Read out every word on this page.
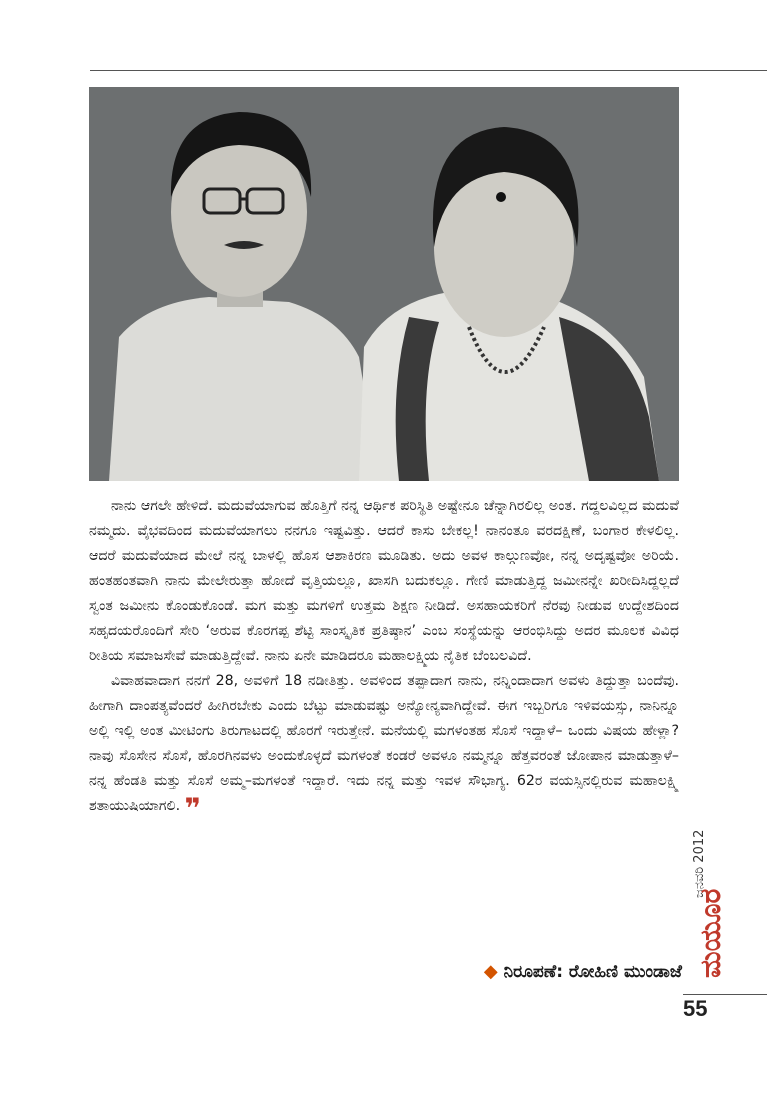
ನಾನು ಆಗಲೇ ಹೇಳಿದೆ. ಮದುವೆಯಾಗುವ ಹೊತ್ತಿಗೆ ನನ್ನ ಆರ್ಥಿಕ ಪರಿಸ್ಥಿತಿ ಅಷ್ಟೇನೂ ಚೆನ್ನಾಗಿರಲಿಲ್ಲ ಅಂತ. ಗದ್ದಲವಿಲ್ಲದ ಮದುವೆ ನಮ್ಮದು. ವೈಭವದಿಂದ ಮದುವೆಯಾಗಲು ನನಗೂ ಇಷ್ಟವಿತ್ತು. ಆದರೆ ಕಾಸು ಬೇಕಲ್ಲ! ನಾನಂತೂ ವರದಕ್ಷಿಣೆ, ಬಂಗಾರ ಕೇಳಲಿಲ್ಲ. ಆದರೆ ಮದುವೆಯಾದ ಮೇಲೆ ನನ್ನ ಬಾಳಲ್ಲಿ ಹೊಸ ಆಶಾಕಿರಣ ಮೂಡಿತು. ಅದು ಅವಳ ಕಾಲ್ಗುಣವೋ, ನನ್ನ ಅದೃಷ್ಟವೋ ಅರಿಯೆ. ಹಂತಹಂತವಾಗಿ ನಾನು ಮೇಲೇರುತ್ತಾ ಹೋದೆ ವೃತ್ತಿಯಲ್ಲೂ, ಖಾಸಗಿ ಬದುಕಲ್ಲೂ. ಗೇಣಿ ಮಾಡುತ್ತಿದ್ದ ಜಮೀನನ್ನೇ ಖರೀದಿಸಿದ್ದಲ್ಲದೆ ಸ್ವಂತ ಜಮೀನು ಕೊಂಡುಕೊಂಡೆ. ಮಗ ಮತ್ತು ಮಗಳಿಗೆ ಉತ್ತಮ ಶಿಕ್ಷಣ ನೀಡಿದೆ. ಅಸಹಾಯಕರಿಗೆ ನೆರವು ನೀಡುವ ಉದ್ದೇಶದಿಂದ ಸಹೃದಯರೊಂದಿಗೆ ಸೇರಿ ‘ಅರುವ ಕೊರಗಪ್ಪ ಶೆಟ್ಟಿ ಸಾಂಸ್ಕೃತಿಕ ಪ್ರತಿಷ್ಠಾನ’ ಎಂಬ ಸಂಸ್ಥೆಯನ್ನು ಆರಂಭಿಸಿದ್ದು ಅದರ ಮೂಲಕ ವಿವಿಧ ರೀತಿಯ ಸಮಾಜಸೇವೆ ಮಾಡುತ್ತಿದ್ದೇವೆ. ನಾನು ಏನೇ ಮಾಡಿದರೂ ಮಹಾಲಕ್ಷ್ಮಿಯ ನೈತಿಕ ಬೆಂಬಲವಿದೆ.

ವಿವಾಹವಾದಾಗ ನನಗೆ 28, ಅವಳಿಗೆ 18 ನಡೀತಿತ್ತು. ಅವಳಿಂದ ತಪ್ಪಾದಾಗ ನಾನು, ನನ್ನಿಂದಾದಾಗ ಅವಳು ತಿದ್ದುತ್ತಾ ಬಂದೆವು. ಹೀಗಾಗಿ ದಾಂಪತ್ಯವೆಂದರೆ ಹೀಗಿರಬೇಕು ಎಂದು ಬೆಟ್ಟು ಮಾಡುವಷ್ಟು ಅನ್ಯೋನ್ಯವಾಗಿದ್ದೇವೆ. ಈಗ ಇಬ್ಬರಿಗೂ ಇಳಿವಯಸ್ಸು, ನಾನಿನ್ನೂ ಅಲ್ಲಿ ಇಲ್ಲಿ ಅಂತ ಮೀಟಿಂಗು ತಿರುಗಾಟದಲ್ಲಿ ಹೊರಗೆ ಇರುತ್ತೇನೆ. ಮನೆಯಲ್ಲಿ ಮಗಳಂತಹ ಸೊಸೆ ಇದ್ದಾಳೆ– ಒಂದು ವಿಷಯ ಹೇಳ್ಲಾ? ನಾವು ಸೊಸೇನ ಸೊಸೆ, ಹೊರಗಿನವಳು ಅಂದುಕೊಳ್ಳದೆ ಮಗಳಂತೆ ಕಂಡರೆ ಅವಳೂ ನಮ್ಮನ್ನೂ ಹೆತ್ತವರಂತೆ ಜೋಪಾನ ಮಾಡುತ್ತಾಳೆ– ನನ್ನ ಹೆಂಡತಿ ಮತ್ತು ಸೊಸೆ ಅಮ್ಮ–ಮಗಳಂತೆ ಇದ್ದಾರೆ. ಇದು ನನ್ನ ಮತ್ತು ಇವಳ ಸೌಭಾಗ್ಯ. 62ರ ವಯಸ್ಸಿನಲ್ಲಿರುವ ಮಹಾಲಕ್ಷ್ಮಿ ಶತಾಯುಷಿಯಾಗಲಿ. ❞

◆ ನಿರೂಪಣೆ: ರೋಹಿಣಿ ಮುಂಡಾಜೆ
ಜನವರಿ 2012
ಮಯೂರ
55
